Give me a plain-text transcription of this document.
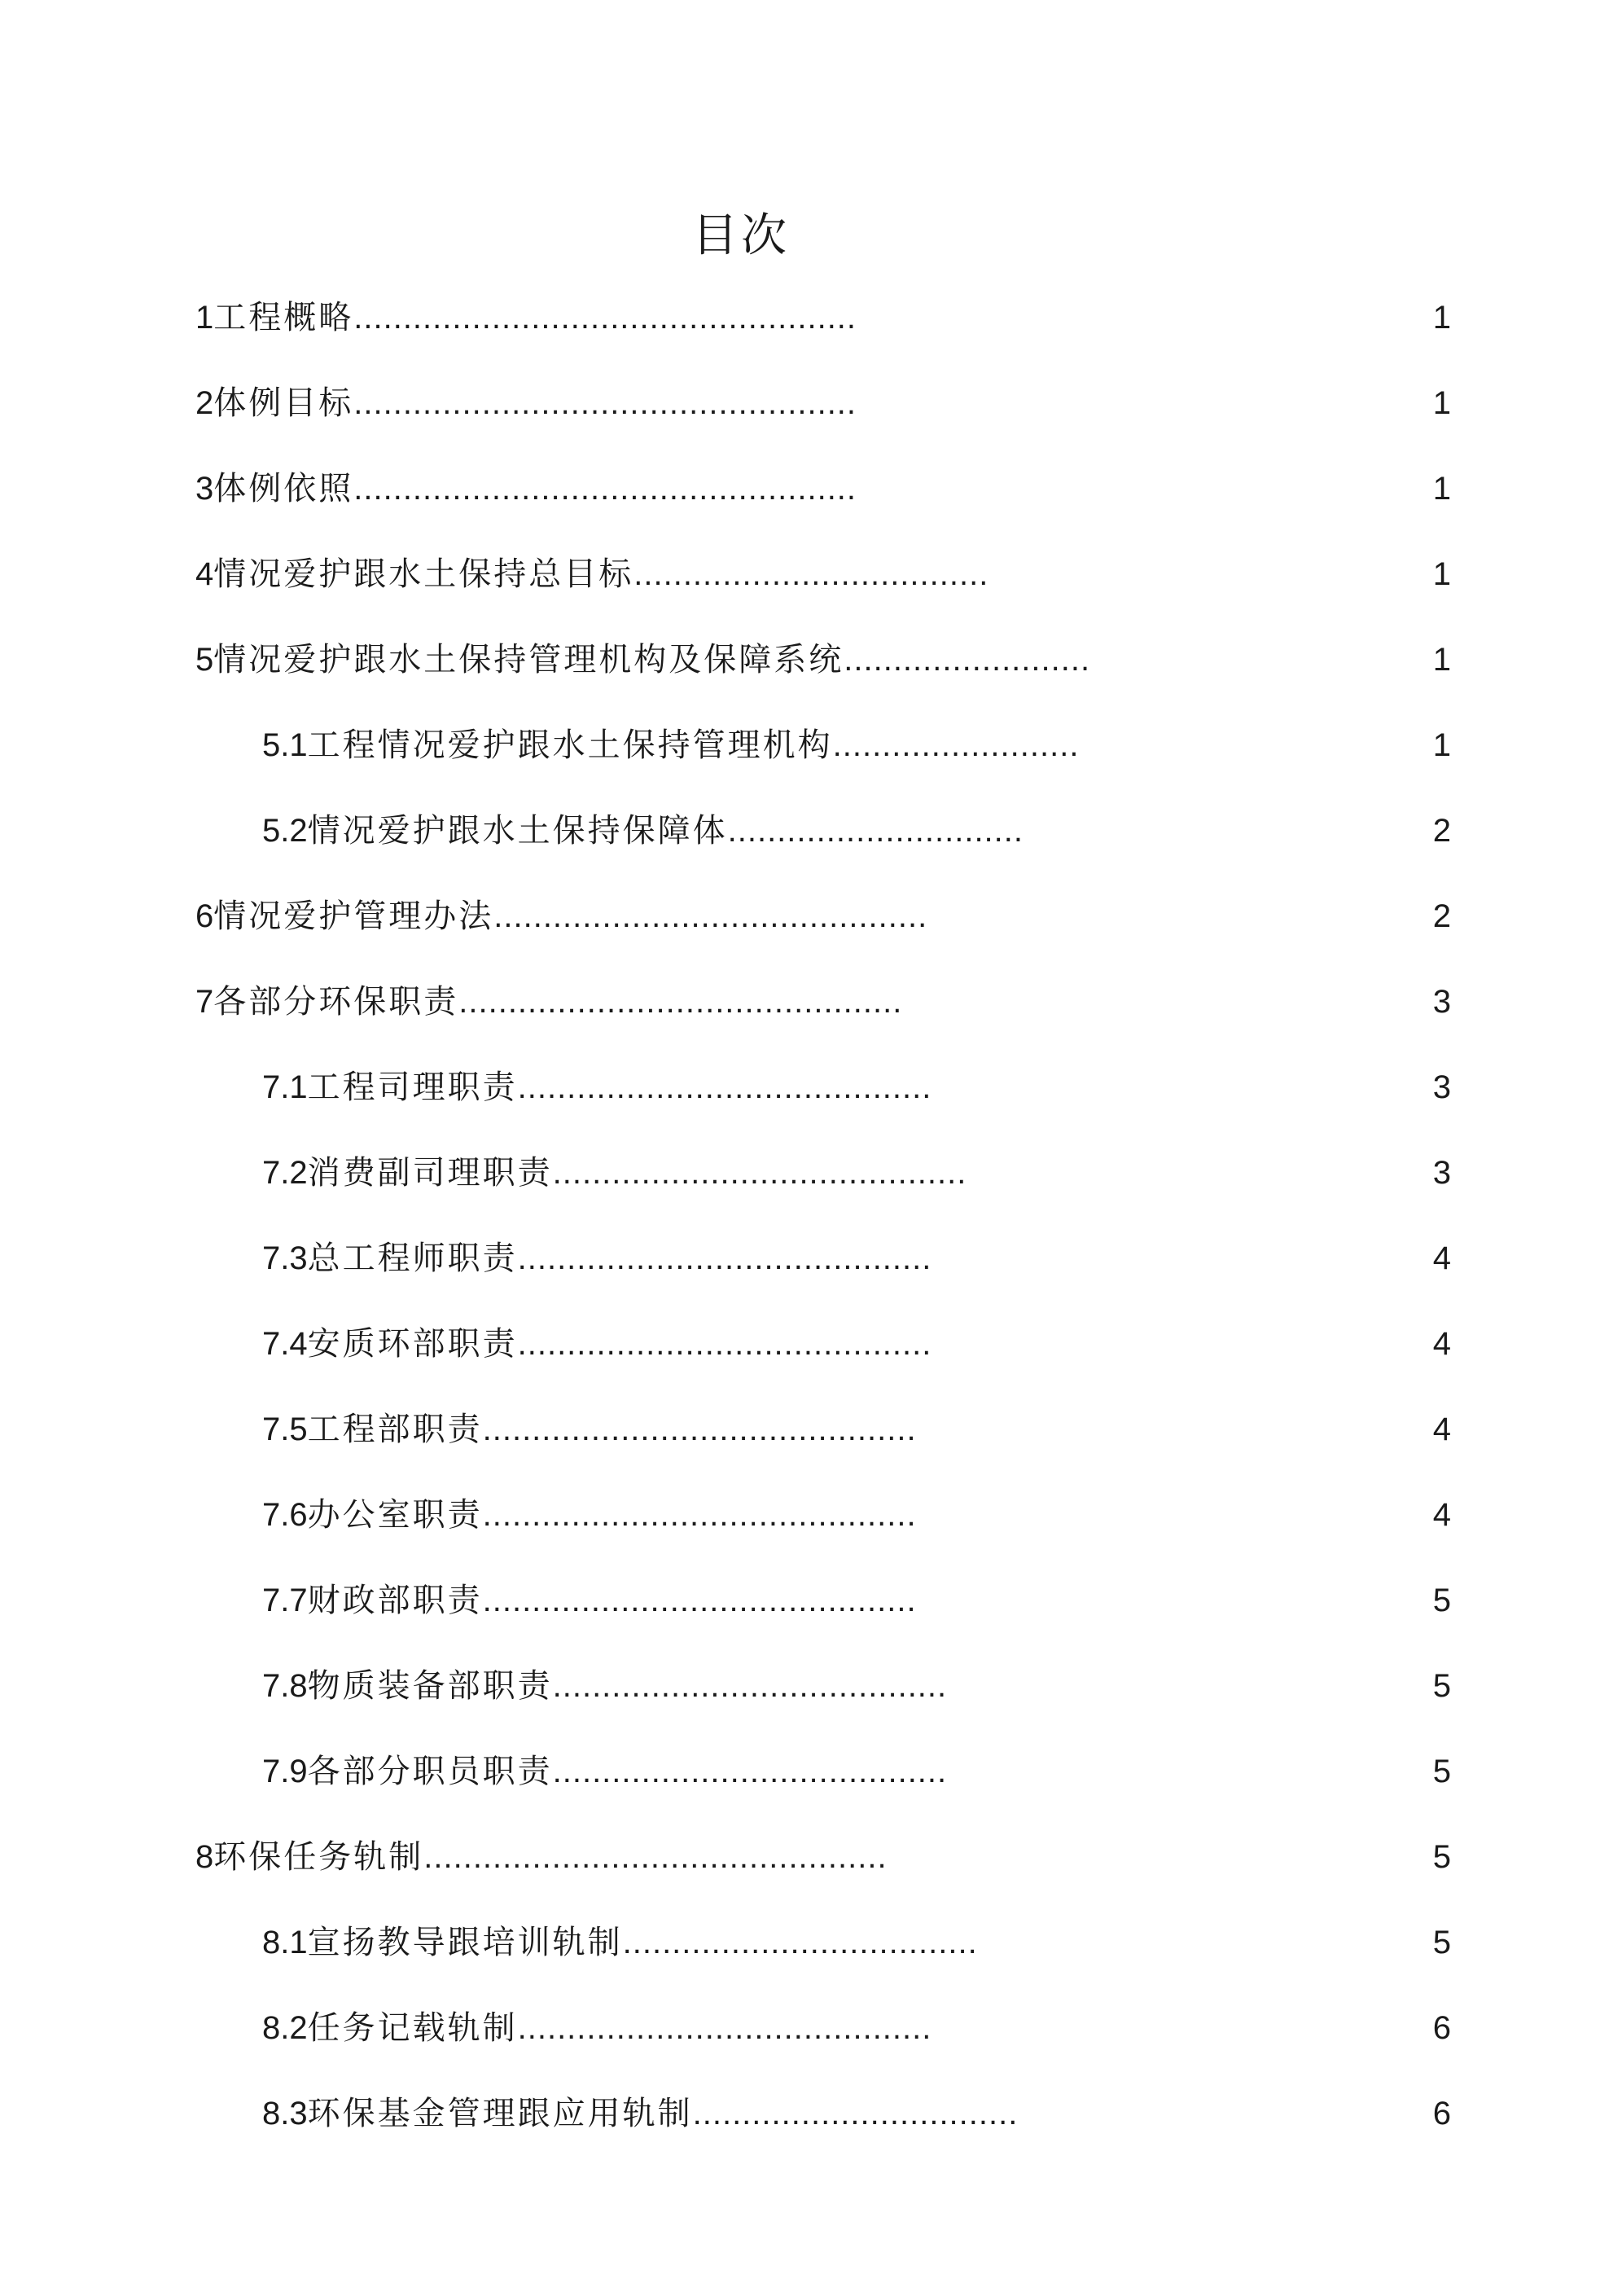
目次
1工程概略...................................................	1
2体例目标...................................................	1
3体例依照...................................................	1
4情况爱护跟水土保持总目标....................................	1
5情况爱护跟水土保持管理机构及保障系统.........................	1
5.1工程情况爱护跟水土保持管理机构.........................	1
5.2情况爱护跟水土保持保障体..............................	2
6情况爱护管理办法............................................	2
7各部分环保职责.............................................	3
7.1工程司理职责..........................................	3
7.2消费副司理职责..........................................	3
7.3总工程师职责..........................................	4
7.4安质环部职责..........................................	4
7.5工程部职责............................................	4
7.6办公室职责............................................	4
7.7财政部职责............................................	5
7.8物质装备部职责........................................	5
7.9各部分职员职责........................................	5
8环保任务轨制...............................................	5
8.1宣扬教导跟培训轨制....................................	5
8.2任务记载轨制..........................................	6
8.3环保基金管理跟应用轨制.................................	6
